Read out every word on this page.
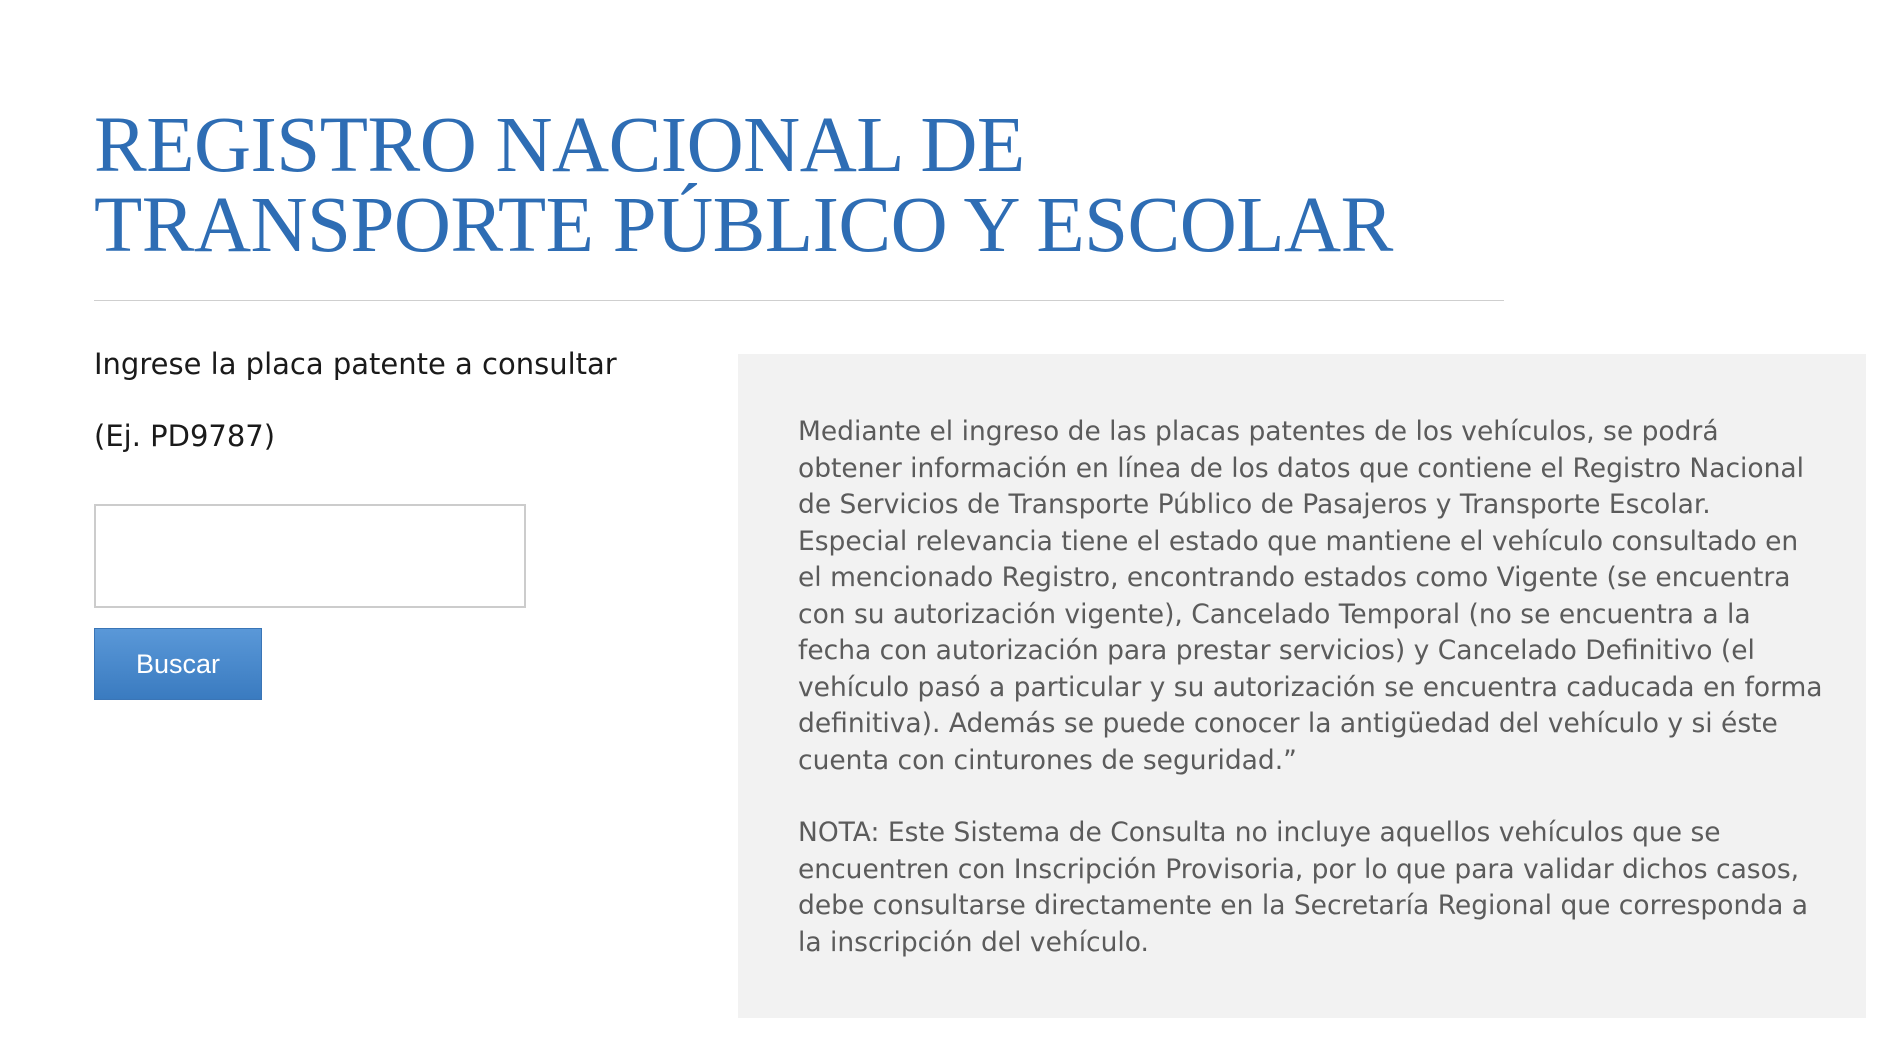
REGISTRO NACIONAL DE
TRANSPORTE PÚBLICO Y ESCOLAR

Ingrese la placa patente a consultar

(Ej. PD9787)

Buscar

Mediante el ingreso de las placas patentes de los vehículos, se podrá obtener información en línea de los datos que contiene el Registro Nacional de Servicios de Transporte Público de Pasajeros y Transporte Escolar. Especial relevancia tiene el estado que mantiene el vehículo consultado en el mencionado Registro, encontrando estados como Vigente (se encuentra con su autorización vigente), Cancelado Temporal (no se encuentra a la fecha con autorización para prestar servicios) y Cancelado Definitivo (el vehículo pasó a particular y su autorización se encuentra caducada en forma definitiva). Además se puede conocer la antigüedad del vehículo y si éste cuenta con cinturones de seguridad.”

NOTA: Este Sistema de Consulta no incluye aquellos vehículos que se encuentren con Inscripción Provisoria, por lo que para validar dichos casos, debe consultarse directamente en la Secretaría Regional que corresponda a la inscripción del vehículo.
